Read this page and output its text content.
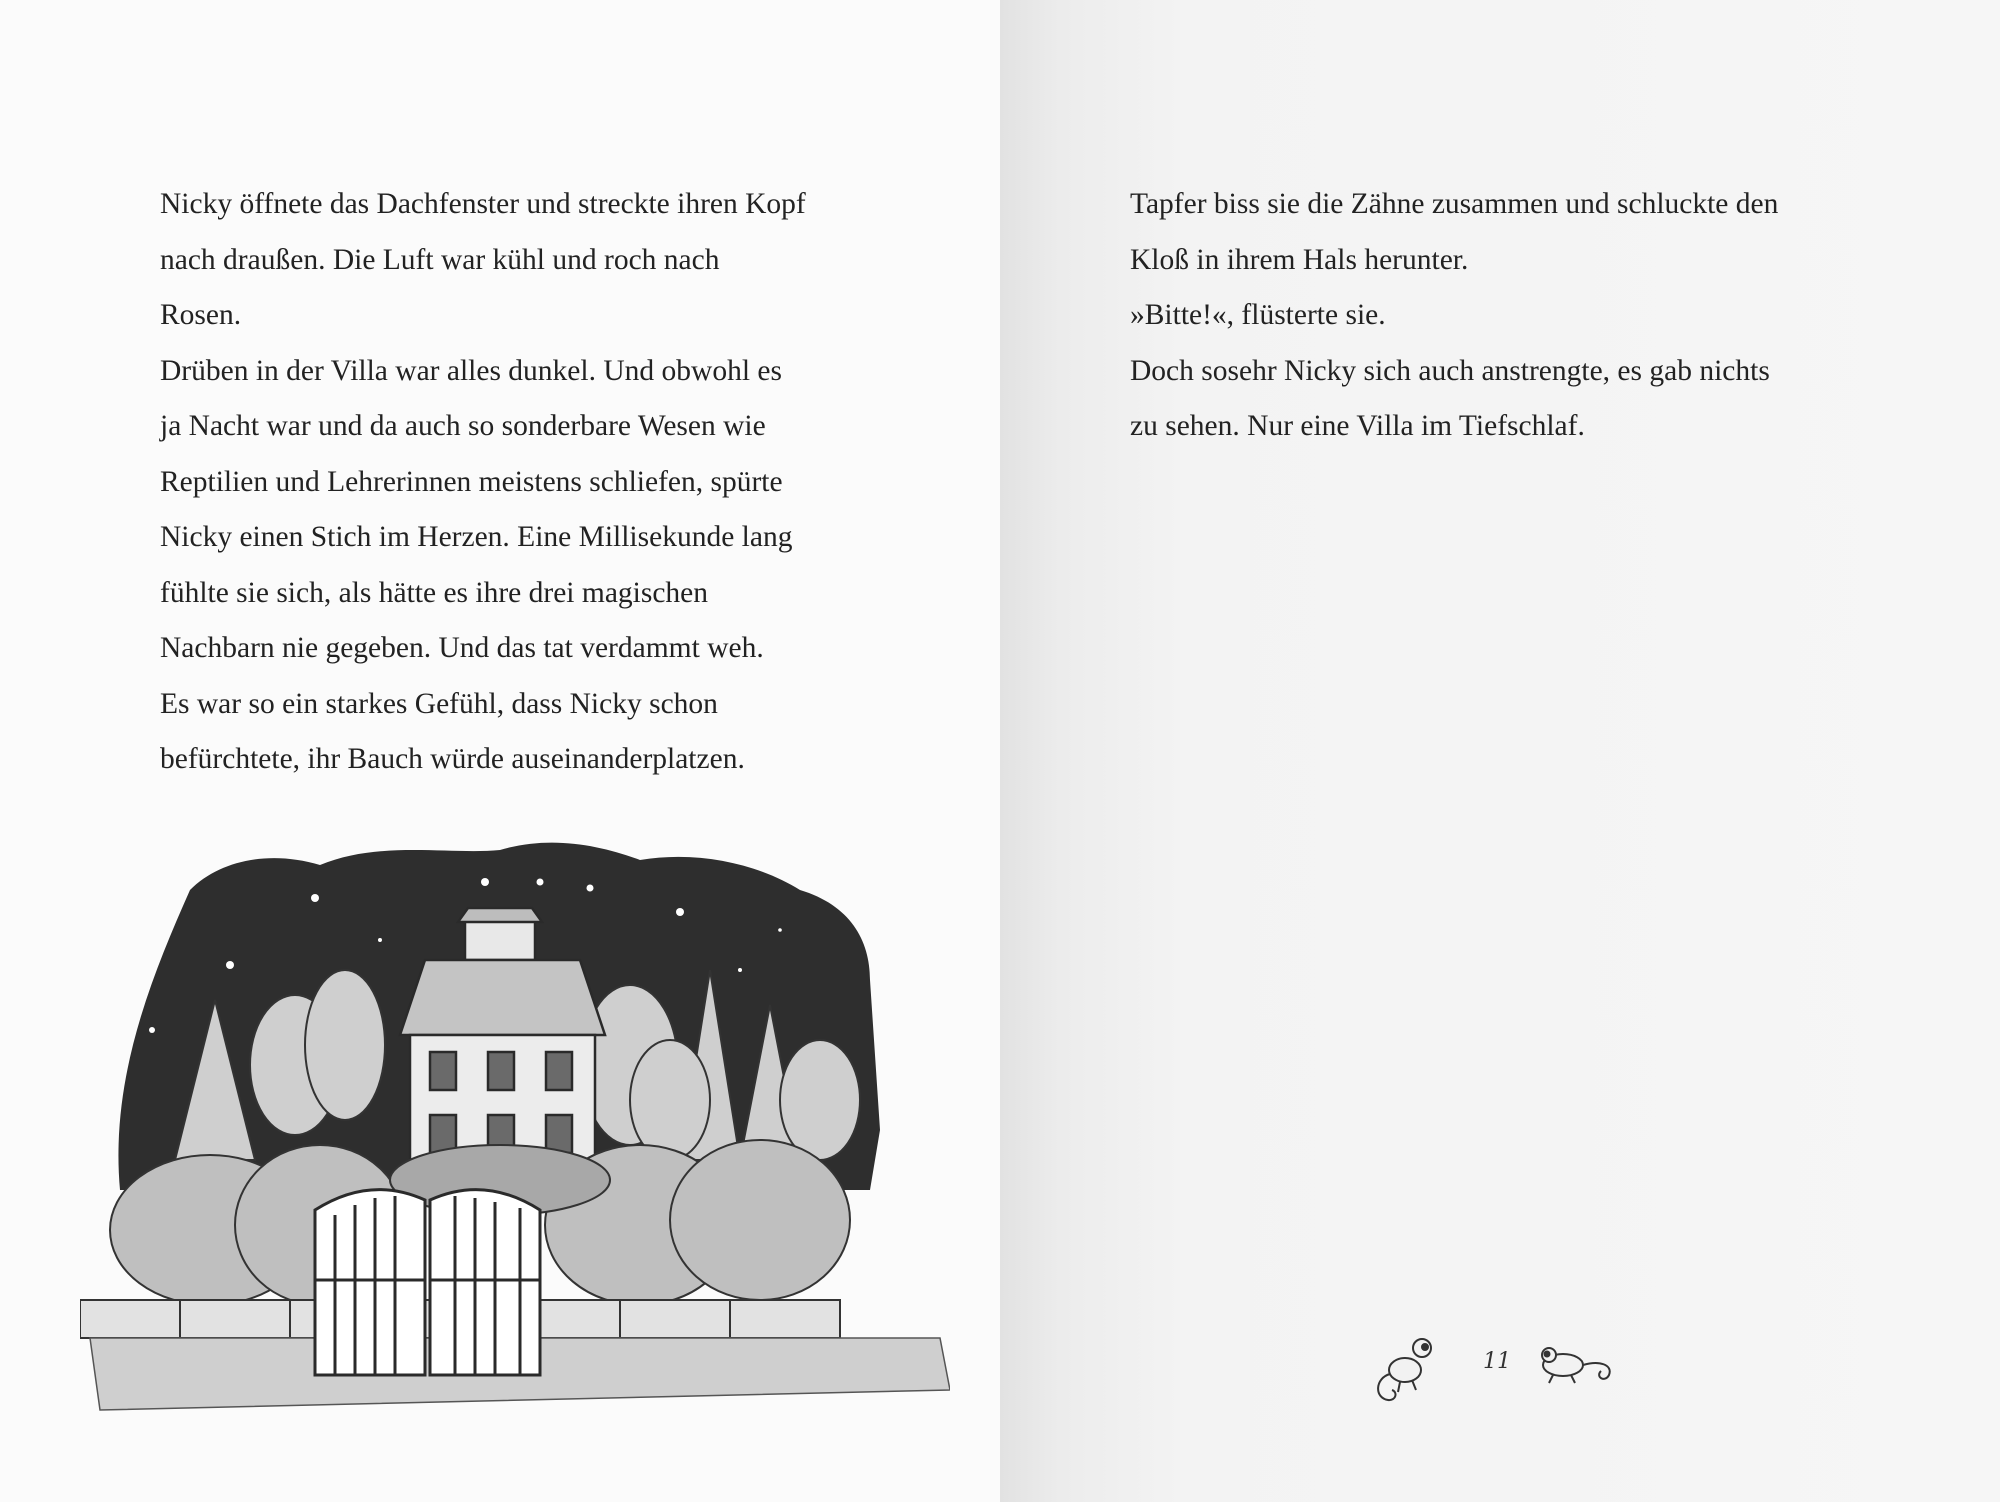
Nicky öffnete das Dachfenster und streckte ihren Kopf
nach draußen. Die Luft war kühl und roch nach
Rosen.
Drüben in der Villa war alles dunkel. Und obwohl es
ja Nacht war und da auch so sonderbare Wesen wie
Reptilien und Lehrerinnen meistens schliefen, spürte
Nicky einen Stich im Herzen. Eine Millisekunde lang
fühlte sie sich, als hätte es ihre drei magischen
Nachbarn nie gegeben. Und das tat verdammt weh.
Es war so ein starkes Gefühl, dass Nicky schon
befürchtete, ihr Bauch würde auseinanderplatzen.
Tapfer biss sie die Zähne zusammen und schluckte den
Kloß in ihrem Hals herunter.
»Bitte!«, flüsterte sie.
Doch sosehr Nicky sich auch anstrengte, es gab nichts
zu sehen. Nur eine Villa im Tiefschlaf.
11
